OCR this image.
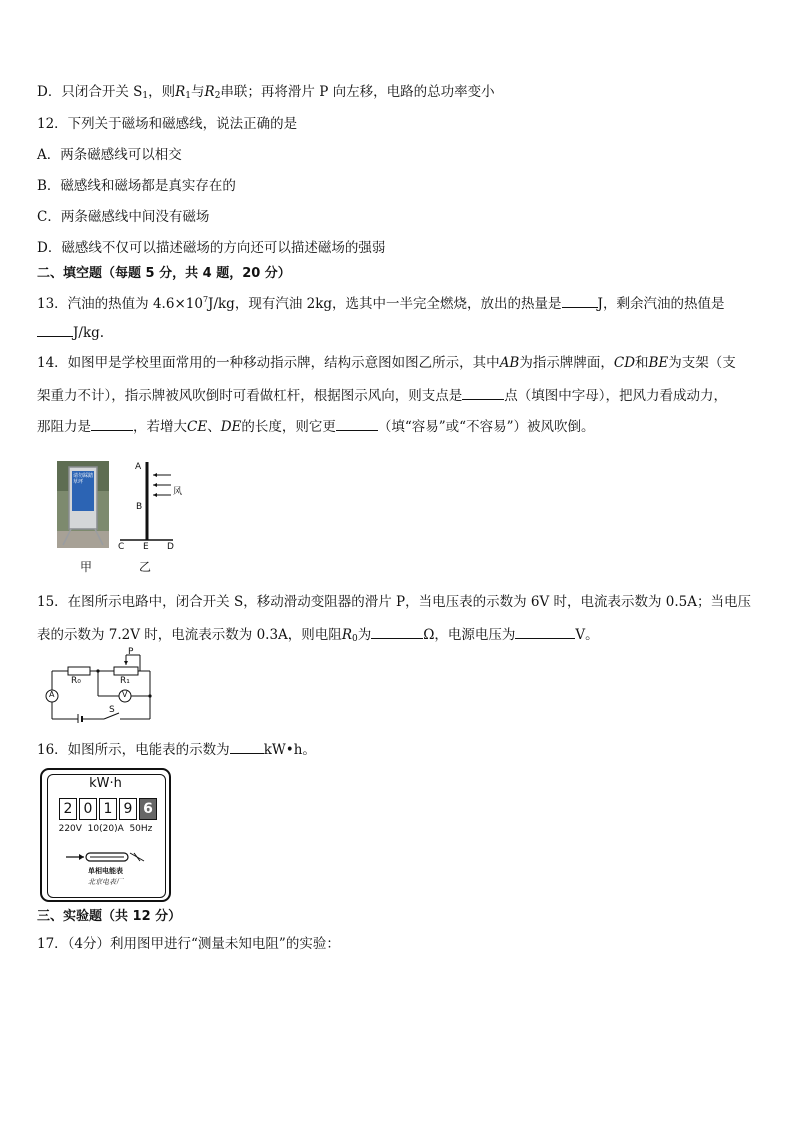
D．只闭合开关 $S_1$，则$R_1$与$R_2$串联；再将滑片 P 向左移，电路的总功率变小
12．下列关于磁场和磁感线，说法正确的是
A．两条磁感线可以相交
B．磁感线和磁场都是真实存在的
C．两条磁感线中间没有磁场
D．磁感线不仅可以描述磁场的方向还可以描述磁场的强弱
二、填空题（每题 5 分，共 4 题，20 分）
13．汽油的热值为 $4.6\times 10^7J/kg$，现有汽油 2kg，选其中一半完全燃烧，放出的热量是	J，剩余汽油的热值是
J/kg.
14．如图甲是学校里面常用的一种移动指示牌，结构示意图如图乙所示，其中AB为指示牌牌面，CD和BE为支架（支
架重力不计），指示牌被风吹倒时可看做杠杆，根据图示风向，则支点是	点（填图中字母），把风力看成动力，
那阻力是	，若增大CE、DE的长度，则它更	（填“容易”或“不容易”）被风吹倒。
请勿踩踏草坪
甲
A
B
风
C E D
乙
15．在图所示电路中，闭合开关 S，移动滑动变阻器的滑片 P，当电压表的示数为 6V 时，电流表示数为 0.5A；当电压
表的示数为 7.2V 时，电流表示数为 0.3A，则电阻$R_0$为	Ω，电源电压为	V。
R₀	R₁
P
V
A
S
16．如图所示，电能表的示数为	kW•h。
kW·h
2 0 1 9 6
220V  10(20)A  50Hz
单相电能表
北京电表厂
三、实验题（共 12 分）
17．（4分）利用图甲进行“测量未知电阻”的实验：
